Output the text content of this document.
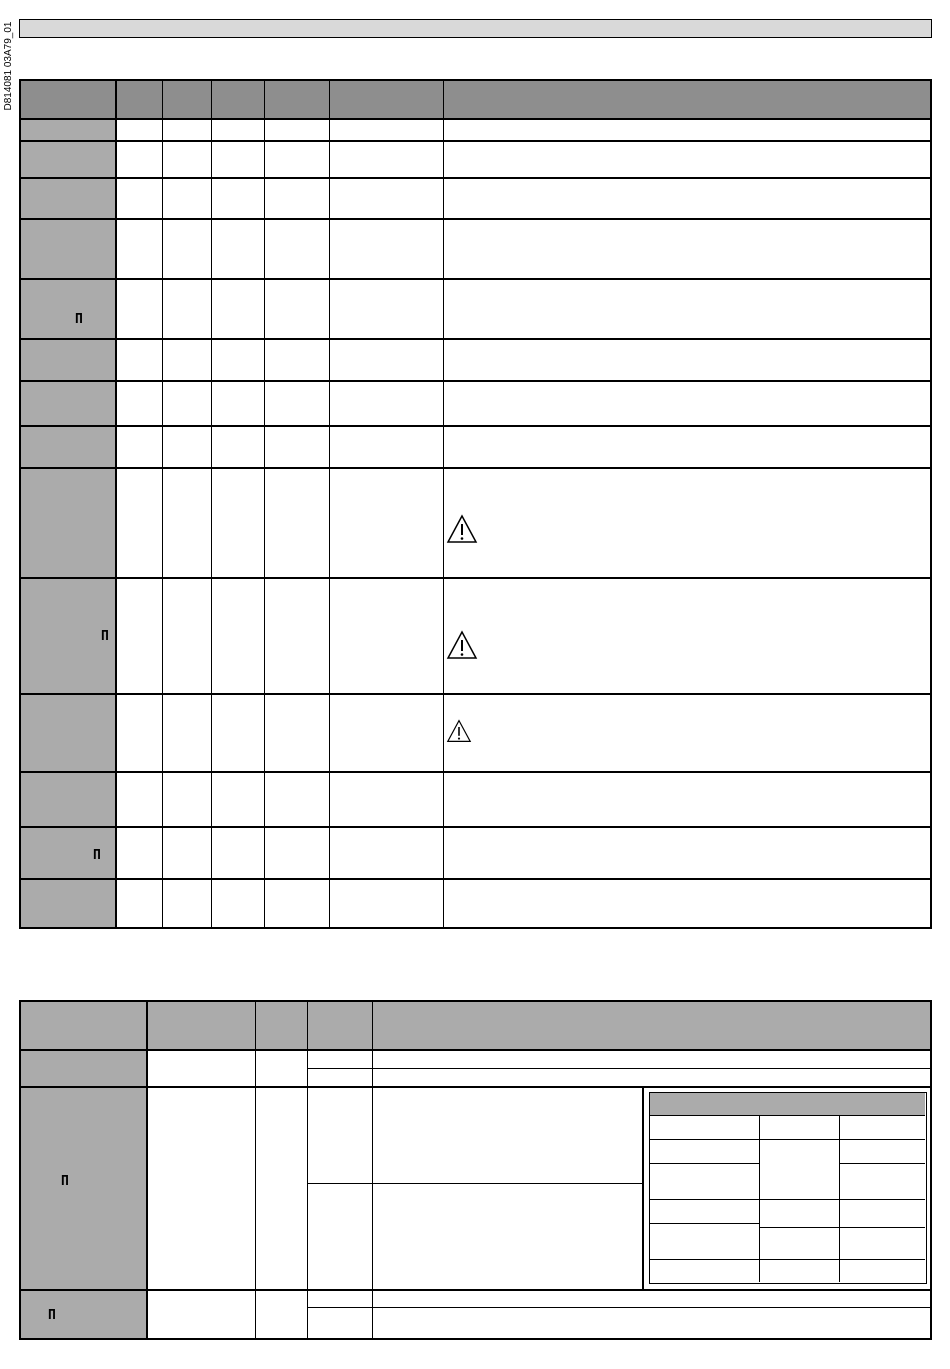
D814081 03A79_01
Π
Π
Π
Π
Π
